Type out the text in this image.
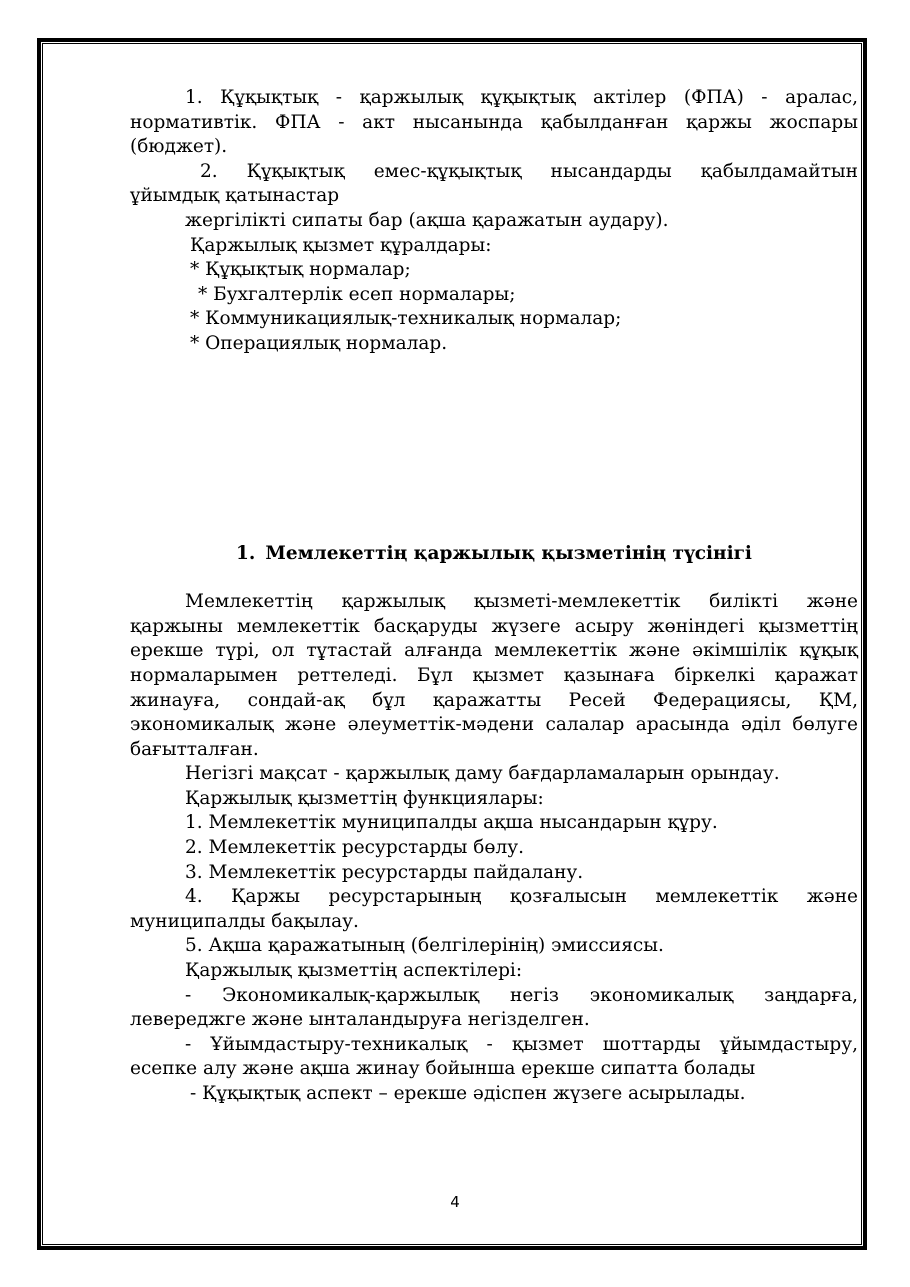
1. Құқықтық - қаржылық құқықтық актілер (ФПА) - аралас,

нормативтік. ФПА - акт нысанында қабылданған қаржы жоспары (бюджет).

2. Құқықтық емес-құқықтық нысандарды қабылдамайтын

ұйымдық қатынастар

жергілікті сипаты бар (ақша қаражатын аудару).

Қаржылық қызмет құралдары:

* Құқықтық нормалар;

* Бухгалтерлік есеп нормалары;

* Коммуникациялық-техникалық нормалар;

* Операциялық нормалар.

1. Мемлекеттің қаржылық қызметінің түсінігі

Мемлекеттің қаржылық қызметі-мемлекеттік билікті және қаржыны мемлекеттік басқаруды жүзеге асыру жөніндегі қызметтің ерекше түрі, ол тұтастай алғанда мемлекеттік және әкімшілік құқық нормаларымен реттеледі. Бұл қызмет қазынаға біркелкі қаражат жинауға, сондай-ақ бұл қаражатты Ресей Федерациясы, ҚМ, экономикалық және әлеуметтік-мәдени салалар арасында әділ бөлуге бағытталған.

Негізгі мақсат - қаржылық даму бағдарламаларын орындау.

Қаржылық қызметтің функциялары:

1. Мемлекеттік муниципалды ақша нысандарын құру.

2. Мемлекеттік ресурстарды бөлу.

3. Мемлекеттік ресурстарды пайдалану.

4. Қаржы ресурстарының қозғалысын мемлекеттік және муниципалды бақылау.

5. Ақша қаражатының (белгілерінің) эмиссиясы.

Қаржылық қызметтің аспектілері:

- Экономикалық-қаржылық негіз экономикалық заңдарға, левереджге және ынталандыруға негізделген.

- Ұйымдастыру-техникалық - қызмет шоттарды ұйымдастыру, есепке алу және ақша жинау бойынша ерекше сипатта болады

- Құқықтық аспект – ерекше әдіспен жүзеге асырылады.

4
